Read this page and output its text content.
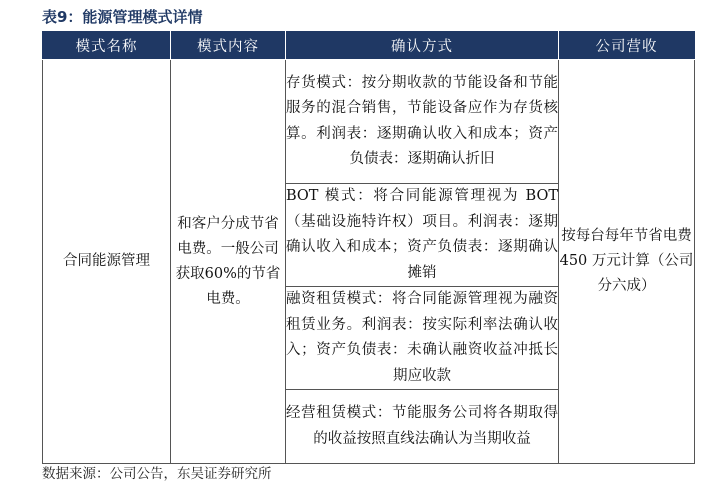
表9：能源管理模式详情
模式名称	模式内容	确认方式	公司营收
合同能源管理	和客户分成节省电费。一般公司获取60%的节省电费。	存货模式：按分期收款的节能设备和节能服务的混合销售，节能设备应作为存货核算。利润表：逐期确认收入和成本；资产负债表：逐期确认折旧	按每台每年节省电费 450 万元计算（公司分六成）
		BOT 模式：将合同能源管理视为 BOT（基础设施特许权）项目。利润表：逐期确认收入和成本；资产负债表：逐期确认摊销	
		融资租赁模式：将合同能源管理视为融资租赁业务。利润表：按实际利率法确认收入；资产负债表：未确认融资收益冲抵长期应收款	
		经营租赁模式：节能服务公司将各期取得的收益按照直线法确认为当期收益	
数据来源：公司公告，东吴证券研究所
